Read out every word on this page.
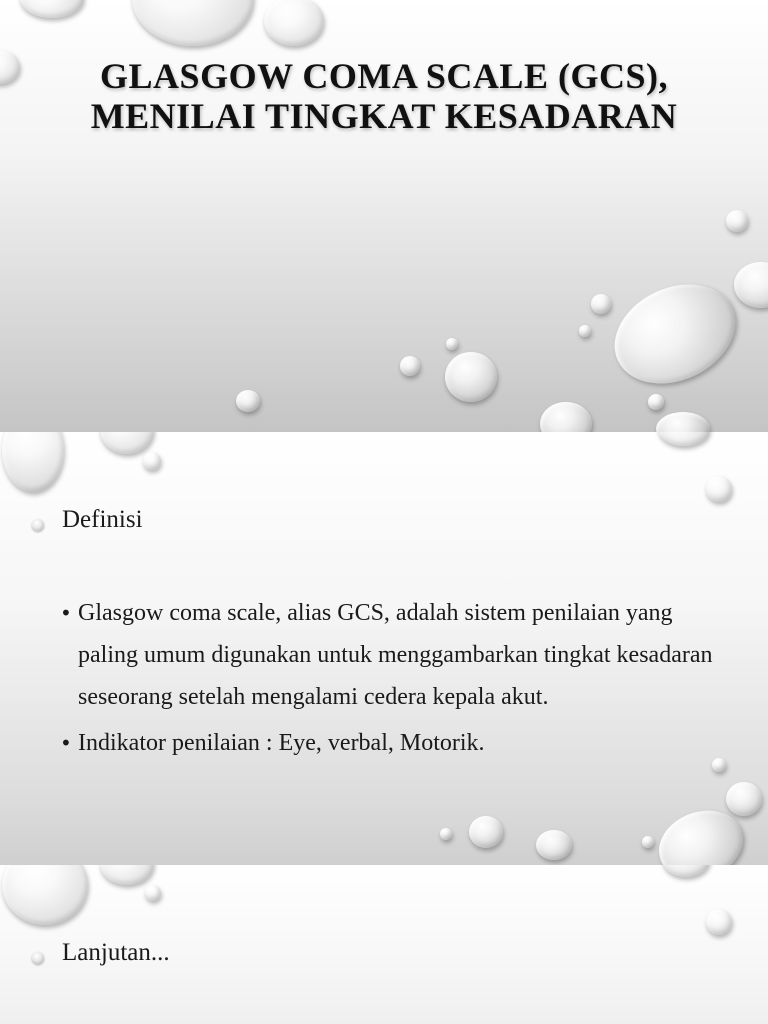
GLASGOW COMA SCALE (GCS), MENILAI TINGKAT KESADARAN
Definisi
• Glasgow coma scale, alias GCS, adalah sistem penilaian yang paling umum digunakan untuk menggambarkan tingkat kesadaran seseorang setelah mengalami cedera kepala akut.
• Indikator penilaian : Eye, verbal, Motorik.
Lanjutan...
